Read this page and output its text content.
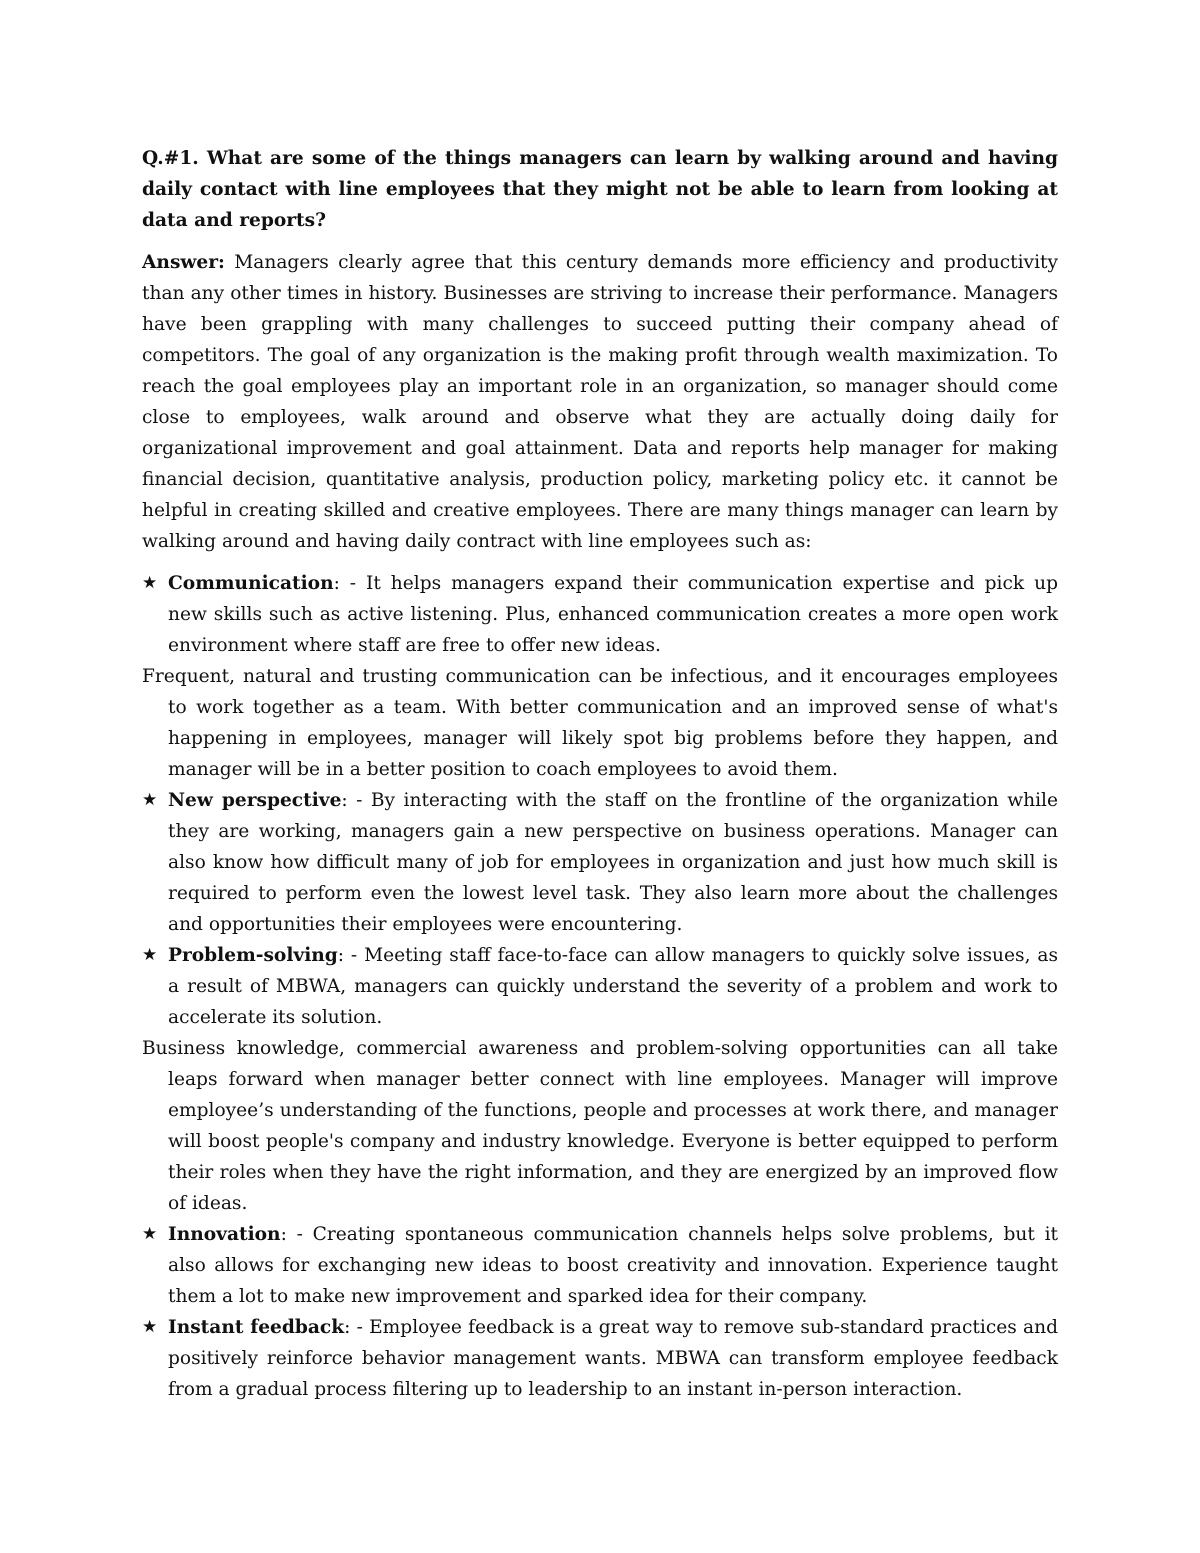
Q.#1. What are some of the things managers can learn by walking around and having daily contact with line employees that they might not be able to learn from looking at data and reports?

Answer: Managers clearly agree that this century demands more efficiency and productivity than any other times in history. Businesses are striving to increase their performance. Managers have been grappling with many challenges to succeed putting their company ahead of competitors. The goal of any organization is the making profit through wealth maximization. To reach the goal employees play an important role in an organization, so manager should come close to employees, walk around and observe what they are actually doing daily for organizational improvement and goal attainment. Data and reports help manager for making financial decision, quantitative analysis, production policy, marketing policy etc. it cannot be helpful in creating skilled and creative employees. There are many things manager can learn by walking around and having daily contract with line employees such as:

★ Communication: - It helps managers expand their communication expertise and pick up new skills such as active listening. Plus, enhanced communication creates a more open work environment where staff are free to offer new ideas.

Frequent, natural and trusting communication can be infectious, and it encourages employees to work together as a team. With better communication and an improved sense of what's happening in employees, manager will likely spot big problems before they happen, and manager will be in a better position to coach employees to avoid them.

★ New perspective: - By interacting with the staff on the frontline of the organization while they are working, managers gain a new perspective on business operations. Manager can also know how difficult many of job for employees in organization and just how much skill is required to perform even the lowest level task. They also learn more about the challenges and opportunities their employees were encountering.

★ Problem-solving: - Meeting staff face-to-face can allow managers to quickly solve issues, as a result of MBWA, managers can quickly understand the severity of a problem and work to accelerate its solution.

Business knowledge, commercial awareness and problem-solving opportunities can all take leaps forward when manager better connect with line employees. Manager will improve employee’s understanding of the functions, people and processes at work there, and manager will boost people's company and industry knowledge. Everyone is better equipped to perform their roles when they have the right information, and they are energized by an improved flow of ideas.

★ Innovation: - Creating spontaneous communication channels helps solve problems, but it also allows for exchanging new ideas to boost creativity and innovation. Experience taught them a lot to make new improvement and sparked idea for their company.

★ Instant feedback: - Employee feedback is a great way to remove sub-standard practices and positively reinforce behavior management wants. MBWA can transform employee feedback from a gradual process filtering up to leadership to an instant in-person interaction.
